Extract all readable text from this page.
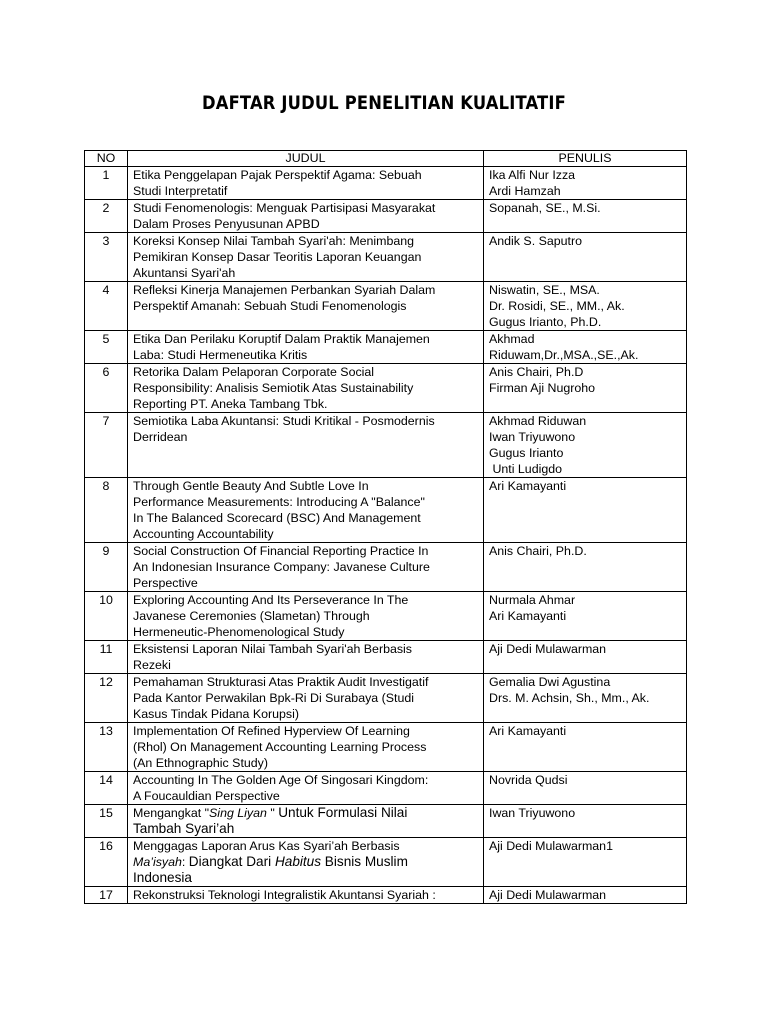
DAFTAR JUDUL PENELITIAN KUALITATIF
NO	JUDUL	PENULIS
1	Etika Penggelapan Pajak Perspektif Agama: Sebuah
Studi Interpretatif	Ika Alfi Nur Izza
Ardi Hamzah

2	Studi Fenomenologis: Menguak Partisipasi Masyarakat
Dalam Proses Penyusunan APBD	Sopanah, SE., M.Si.

3	Koreksi Konsep Nilai Tambah Syari'ah: Menimbang
Pemikiran Konsep Dasar Teoritis Laporan Keuangan
Akuntansi Syari'ah	Andik S. Saputro

4	Refleksi Kinerja Manajemen Perbankan Syariah Dalam
Perspektif Amanah: Sebuah Studi Fenomenologis	Niswatin, SE., MSA.
Dr. Rosidi, SE., MM., Ak.
Gugus Irianto, Ph.D.

5	Etika Dan Perilaku Koruptif Dalam Praktik Manajemen
Laba: Studi Hermeneutika Kritis	Akhmad
Riduwam,Dr.,MSA.,SE.,Ak.

6	Retorika Dalam Pelaporan Corporate Social
Responsibility: Analisis Semiotik Atas Sustainability
Reporting PT. Aneka Tambang Tbk.	Anis Chairi, Ph.D
Firman Aji Nugroho

7	Semiotika Laba Akuntansi: Studi Kritikal - Posmodernis
Derridean	Akhmad Riduwan
Iwan Triyuwono
Gugus Irianto
Unti Ludigdo

8	Through Gentle Beauty And Subtle Love In
Performance Measurements: Introducing A "Balance"
In The Balanced Scorecard (BSC) And Management
Accounting Accountability	Ari Kamayanti

9	Social Construction Of Financial Reporting Practice In
An Indonesian Insurance Company: Javanese Culture
Perspective	Anis Chairi, Ph.D.

10	Exploring Accounting And Its Perseverance In The
Javanese Ceremonies (Slametan) Through
Hermeneutic-Phenomenological Study	Nurmala Ahmar
Ari Kamayanti

11	Eksistensi Laporan Nilai Tambah Syari'ah Berbasis
Rezeki	Aji Dedi Mulawarman

12	Pemahaman Strukturasi Atas Praktik Audit Investigatif
Pada Kantor Perwakilan Bpk-Ri Di Surabaya (Studi
Kasus Tindak Pidana Korupsi)	Gemalia Dwi Agustina
Drs. M. Achsin, Sh., Mm., Ak.

13	Implementation Of Refined Hyperview Of Learning
(Rhol) On Management Accounting Learning Process
(An Ethnographic Study)	Ari Kamayanti

14	Accounting In The Golden Age Of Singosari Kingdom:
A Foucauldian Perspective	Novrida Qudsi

15	Mengangkat "Sing Liyan " Untuk Formulasi Nilai
Tambah Syari’ah	Iwan Triyuwono

16	Menggagas Laporan Arus Kas Syari’ah Berbasis
Ma’isyah: Diangkat Dari Habitus Bisnis Muslim
Indonesia	Aji Dedi Mulawarman1

17	Rekonstruksi Teknologi Integralistik Akuntansi Syariah :	Aji Dedi Mulawarman
